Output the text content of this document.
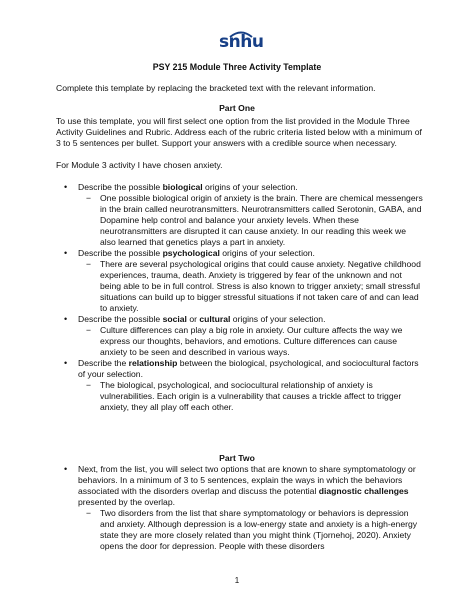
snhu
PSY 215 Module Three Activity Template
Complete this template by replacing the bracketed text with the relevant information.
Part One
To use this template, you will first select one option from the list provided in the Module Three Activity Guidelines and Rubric. Address each of the rubric criteria listed below with a minimum of 3 to 5 sentences per bullet. Support your answers with a credible source when necessary.
For Module 3 activity I have chosen anxiety.
• Describe the possible biological origins of your selection.
− One possible biological origin of anxiety is the brain. There are chemical messengers in the brain called neurotransmitters. Neurotransmitters called Serotonin, GABA, and Dopamine help control and balance your anxiety levels. When these neurotransmitters are disrupted it can cause anxiety. In our reading this week we also learned that genetics plays a part in anxiety.
• Describe the possible psychological origins of your selection.
− There are several psychological origins that could cause anxiety. Negative childhood experiences, trauma, death. Anxiety is triggered by fear of the unknown and not being able to be in full control. Stress is also known to trigger anxiety; small stressful situations can build up to bigger stressful situations if not taken care of and can lead to anxiety.
• Describe the possible social or cultural origins of your selection.
− Culture differences can play a big role in anxiety. Our culture affects the way we express our thoughts, behaviors, and emotions. Culture differences can cause anxiety to be seen and described in various ways.
• Describe the relationship between the biological, psychological, and sociocultural factors of your selection.
− The biological, psychological, and sociocultural relationship of anxiety is vulnerabilities. Each origin is a vulnerability that causes a trickle affect to trigger anxiety, they all play off each other.
Part Two
• Next, from the list, you will select two options that are known to share symptomatology or behaviors. In a minimum of 3 to 5 sentences, explain the ways in which the behaviors associated with the disorders overlap and discuss the potential diagnostic challenges presented by the overlap.
− Two disorders from the list that share symptomatology or behaviors is depression and anxiety. Although depression is a low-energy state and anxiety is a high-energy state they are more closely related than you might think (Tjornehoj, 2020). Anxiety opens the door for depression. People with these disorders
1
